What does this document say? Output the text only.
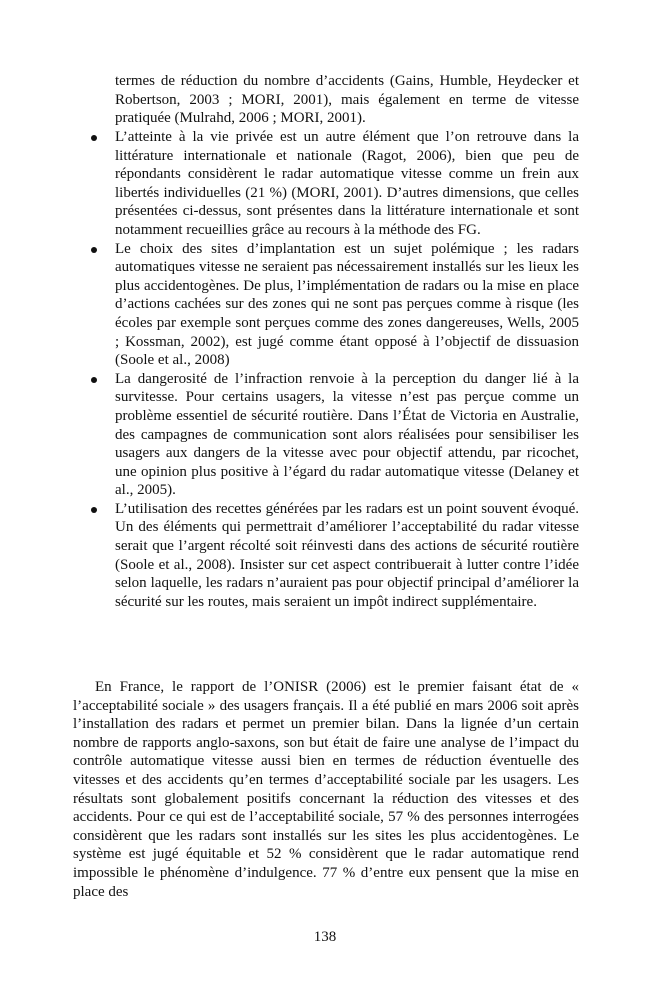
termes de réduction du nombre d’accidents (Gains, Humble, Heydecker et Robertson, 2003 ; MORI, 2001), mais également en terme de vitesse pratiquée (Mulrahd, 2006 ; MORI, 2001).
L’atteinte à la vie privée est un autre élément que l’on retrouve dans la littérature internationale et nationale (Ragot, 2006), bien que peu de répondants considèrent le radar automatique vitesse comme un frein aux libertés individuelles (21 %) (MORI, 2001). D’autres dimensions, que celles présentées ci-dessus, sont présentes dans la littérature internationale et sont notamment recueillies grâce au recours à la méthode des FG.
Le choix des sites d’implantation est un sujet polémique ; les radars automatiques vitesse ne seraient pas nécessairement installés sur les lieux les plus accidentogènes. De plus, l’implémentation de radars ou la mise en place d’actions cachées sur des zones qui ne sont pas perçues comme à risque (les écoles par exemple sont perçues comme des zones dangereuses, Wells, 2005 ; Kossman, 2002), est jugé comme étant opposé à l’objectif de dissuasion (Soole et al., 2008)
La dangerosité de l’infraction renvoie à la perception du danger lié à la survitesse. Pour certains usagers, la vitesse n’est pas perçue comme un problème essentiel de sécurité routière. Dans l’État de Victoria en Australie, des campagnes de communication sont alors réalisées pour sensibiliser les usagers aux dangers de la vitesse avec pour objectif attendu, par ricochet, une opinion plus positive à l’égard du radar automatique vitesse (Delaney et al., 2005).
L’utilisation des recettes générées par les radars est un point souvent évoqué. Un des éléments qui permettrait d’améliorer l’acceptabilité du radar vitesse serait que l’argent récolté soit réinvesti dans des actions de sécurité routière (Soole et al., 2008). Insister sur cet aspect contribuerait à lutter contre l’idée selon laquelle, les radars n’auraient pas pour objectif principal d’améliorer la sécurité sur les routes, mais seraient un impôt indirect supplémentaire.
En France, le rapport de l’ONISR (2006) est le premier faisant état de « l’acceptabilité sociale » des usagers français. Il a été publié en mars 2006 soit après l’installation des radars et permet un premier bilan. Dans la lignée d’un certain nombre de rapports anglo-saxons, son but était de faire une analyse de l’impact du contrôle automatique vitesse aussi bien en termes de réduction éventuelle des vitesses et des accidents qu’en termes d’acceptabilité sociale par les usagers. Les résultats sont globalement positifs concernant la réduction des vitesses et des accidents. Pour ce qui est de l’acceptabilité sociale, 57 % des personnes interrogées considèrent que les radars sont installés sur les sites les plus accidentogènes. Le système est jugé équitable et 52 % considèrent que le radar automatique rend impossible le phénomène d’indulgence. 77 % d’entre eux pensent que la mise en place des
138
